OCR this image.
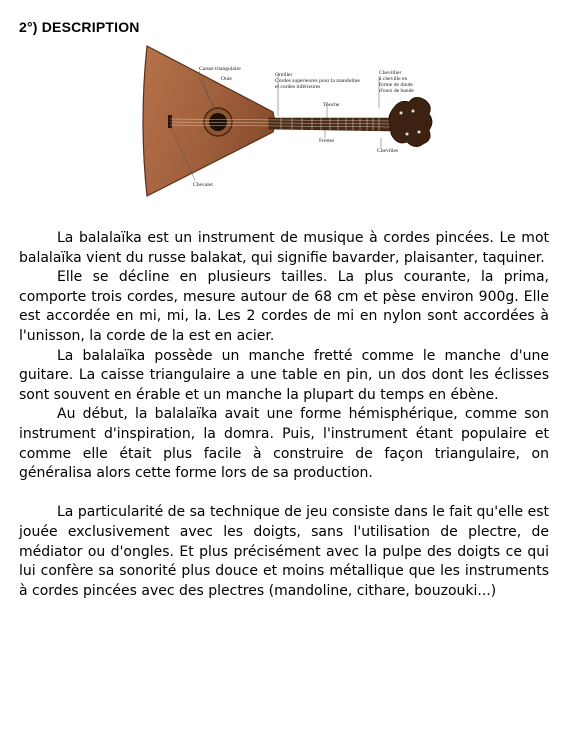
2°) DESCRIPTION
Caisse triangulaire
Ouie
Chevalet
Oreiller
Cordes supérieures pour la mandoline
et cordes inférieures
Touche
Frettes
Chevillier
à cheville en
forme de dinde
d'ours de bande
Chevilles

La balalaïka est un instrument de musique à cordes pincées. Le mot balalaïka vient du russe balakat, qui signifie bavarder, plaisanter, taquiner.

Elle se décline en plusieurs tailles. La plus courante, la prima, comporte trois cordes, mesure autour de 68 cm et pèse environ 900g. Elle est accordée en mi, mi, la. Les 2 cordes de mi en nylon sont accordées à l'unisson, la corde de la est en acier.

La balalaïka possède un manche fretté comme le manche d'une guitare. La caisse triangulaire a une table en pin, un dos dont les éclisses sont souvent en érable et un manche la plupart du temps en ébène.

Au début, la balalaïka avait une forme hémisphérique, comme son instrument d'inspiration, la domra. Puis, l'instrument étant populaire et comme elle était plus facile à construire de façon triangulaire, on généralisa alors cette forme lors de sa production.

La particularité de sa technique de jeu consiste dans le fait qu'elle est jouée exclusivement avec les doigts, sans l'utilisation de plectre, de médiator ou d'ongles. Et plus précisément avec la pulpe des doigts ce qui lui confère sa sonorité plus douce et moins métallique que les instruments à cordes pincées avec des plectres (mandoline, cithare, bouzouki...)
